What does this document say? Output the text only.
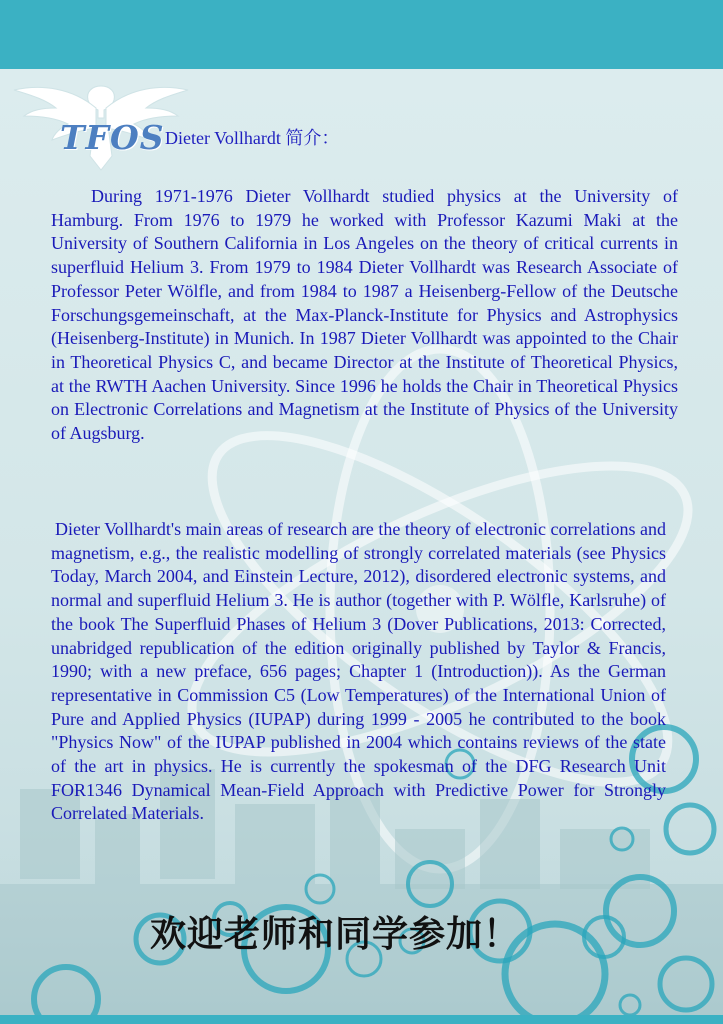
TFOS Dieter Vollhardt 简介：

During 1971-1976 Dieter Vollhardt studied physics at the University of Hamburg. From 1976 to 1979 he worked with Professor Kazumi Maki at the University of Southern California in Los Angeles on the theory of critical currents in superfluid Helium 3. From 1979 to 1984 Dieter Vollhardt was Research Associate of Professor Peter Wölfle, and from 1984 to 1987 a Heisenberg-Fellow of the Deutsche Forschungsgemeinschaft, at the Max-Planck-Institute for Physics and Astrophysics (Heisenberg-Institute) in Munich. In 1987 Dieter Vollhardt was appointed to the Chair in Theoretical Physics C, and became Director at the Institute of Theoretical Physics, at the RWTH Aachen University. Since 1996 he holds the Chair in Theoretical Physics on Electronic Correlations and Magnetism at the Institute of Physics of the University of Augsburg.

Dieter Vollhardt's main areas of research are the theory of electronic correlations and magnetism, e.g., the realistic modelling of strongly correlated materials (see Physics Today, March 2004, and Einstein Lecture, 2012), disordered electronic systems, and normal and superfluid Helium 3. He is author (together with P. Wölfle, Karlsruhe) of the book The Superfluid Phases of Helium 3 (Dover Publications, 2013: Corrected, unabridged republication of the edition originally published by Taylor & Francis, 1990; with a new preface, 656 pages; Chapter 1 (Introduction)). As the German representative in Commission C5 (Low Temperatures) of the International Union of Pure and Applied Physics (IUPAP) during 1999 - 2005 he contributed to the book "Physics Now" of the IUPAP published in 2004 which contains reviews of the state of the art in physics. He is currently the spokesman of the DFG Research Unit FOR1346 Dynamical Mean-Field Approach with Predictive Power for Strongly Correlated Materials.

欢迎老师和同学参加！
